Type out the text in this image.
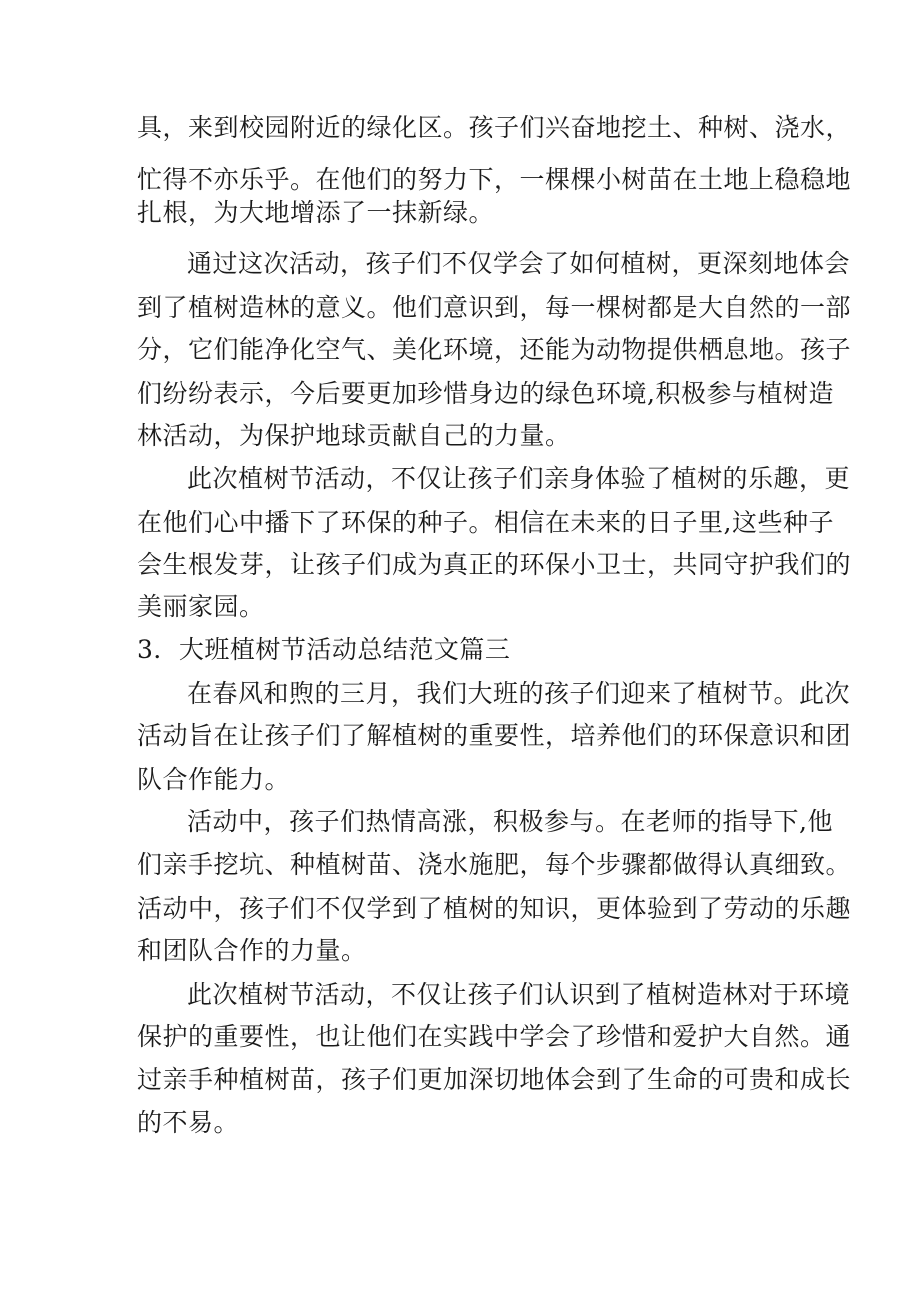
具，来到校园附近的绿化区。孩子们兴奋地挖土、种树、浇水，
忙得不亦乐乎。在他们的努力下，一棵棵小树苗在土地上稳稳地
扎根，为大地增添了一抹新绿。
通过这次活动，孩子们不仅学会了如何植树，更深刻地体会
到了植树造林的意义。他们意识到，每一棵树都是大自然的一部
分，它们能净化空气、美化环境，还能为动物提供栖息地。孩子
们纷纷表示，今后要更加珍惜身边的绿色环境,积极参与植树造
林活动，为保护地球贡献自己的力量。
此次植树节活动，不仅让孩子们亲身体验了植树的乐趣，更
在他们心中播下了环保的种子。相信在未来的日子里,这些种子
会生根发芽，让孩子们成为真正的环保小卫士，共同守护我们的
美丽家园。
3．大班植树节活动总结范文篇三
在春风和煦的三月，我们大班的孩子们迎来了植树节。此次
活动旨在让孩子们了解植树的重要性，培养他们的环保意识和团
队合作能力。
活动中，孩子们热情高涨，积极参与。在老师的指导下,他
们亲手挖坑、种植树苗、浇水施肥，每个步骤都做得认真细致。
活动中，孩子们不仅学到了植树的知识，更体验到了劳动的乐趣
和团队合作的力量。
此次植树节活动，不仅让孩子们认识到了植树造林对于环境
保护的重要性，也让他们在实践中学会了珍惜和爱护大自然。通
过亲手种植树苗，孩子们更加深切地体会到了生命的可贵和成长
的不易。
